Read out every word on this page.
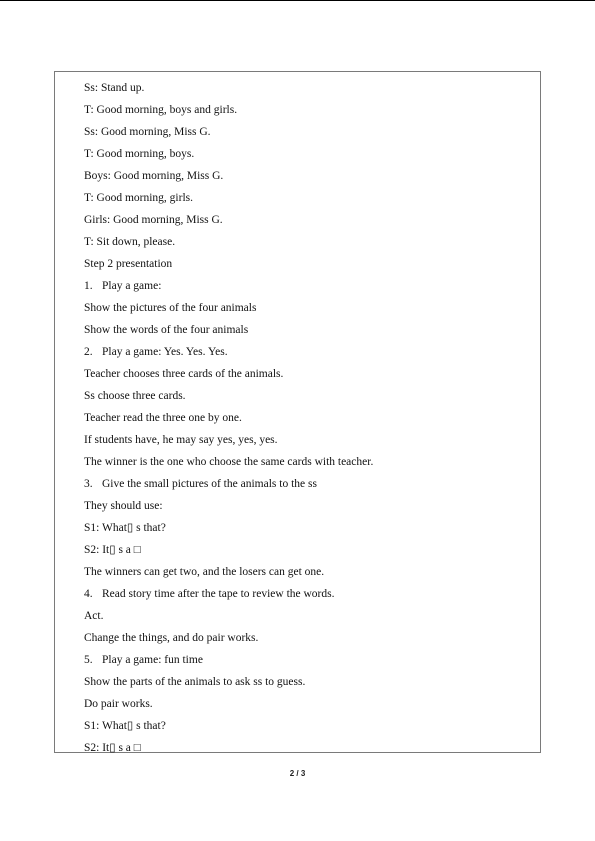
Ss: Stand up.
T: Good morning, boys and girls.
Ss: Good morning, Miss G.
T: Good morning, boys.
Boys: Good morning, Miss G.
T: Good morning, girls.
Girls: Good morning, Miss G.
T: Sit down, please.
Step 2 presentation
1. Play a game:
Show the pictures of the four animals
Show the words of the four animals
2. Play a game: Yes. Yes. Yes.
Teacher chooses three cards of the animals.
Ss choose three cards.
Teacher read the three one by one.
If students have, he may say yes, yes, yes.
The winner is the one who choose the same cards with teacher.
3. Give the small pictures of the animals to the ss
They should use:
S1: What▯ s that?
S2: It▯ s a □
The winners can get two, and the losers can get one.
4. Read story time after the tape to review the words.
Act.
Change the things, and do pair works.
5. Play a game: fun time
Show the parts of the animals to ask ss to guess.
Do pair works.
S1: What▯ s that?
S2: It▯ s a □
2 / 3
